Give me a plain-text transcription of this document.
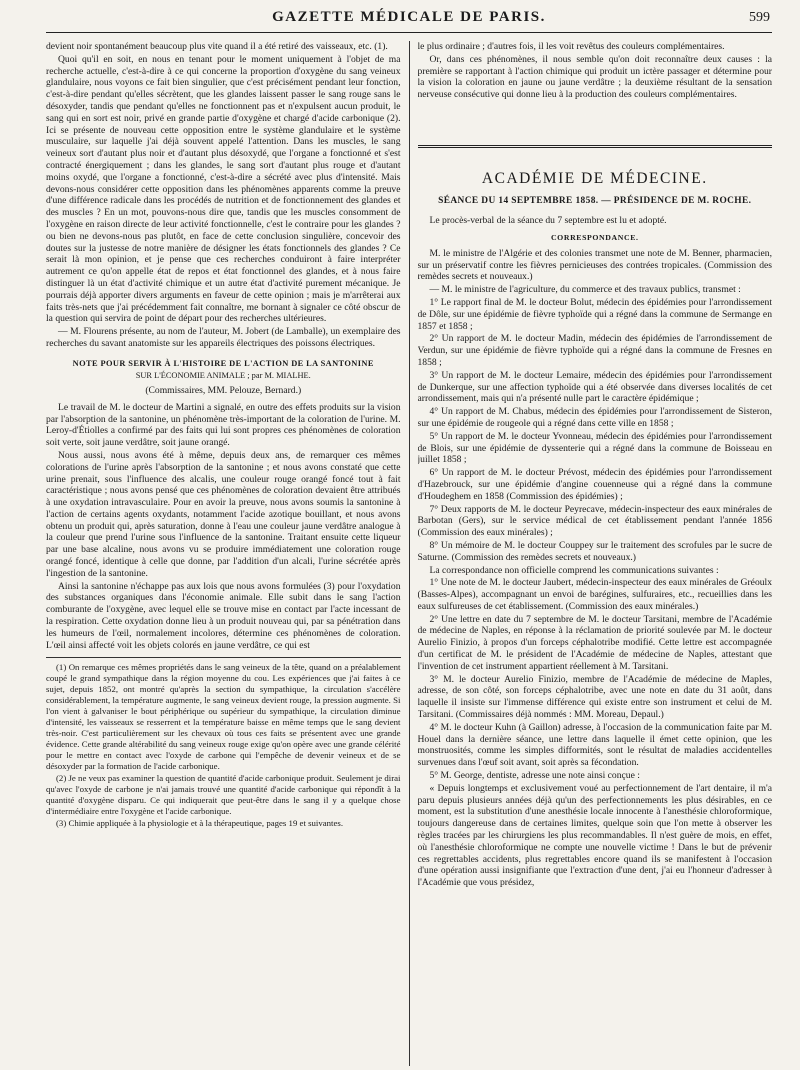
GAZETTE MÉDICALE DE PARIS.	599

devient noir spontanément beaucoup plus vite quand il a été retiré des vaisseaux, etc. (1).

Quoi qu'il en soit, en nous en tenant pour le moment uniquement à l'objet de ma recherche actuelle, c'est-à-dire à ce qui concerne la proportion d'oxygène du sang veineux glandulaire, nous voyons ce fait bien singulier, que c'est précisément pendant leur fonction, c'est-à-dire pendant qu'elles sécrètent, que les glandes laissent passer le sang rouge sans le désoxyder, tandis que pendant qu'elles ne fonctionnent pas et n'expulsent aucun produit, le sang qui en sort est noir, privé en grande partie d'oxygène et chargé d'acide carbonique (2). Ici se présente de nouveau cette opposition entre le système glandulaire et le système musculaire, sur laquelle j'ai déjà souvent appelé l'attention. Dans les muscles, le sang veineux sort d'autant plus noir et d'autant plus désoxydé, que l'organe a fonctionné et s'est contracté énergiquement ; dans les glandes, le sang sort d'autant plus rouge et d'autant moins oxydé, que l'organe a fonctionné, c'est-à-dire a sécrété avec plus d'intensité. Mais devons-nous considérer cette opposition dans les phénomènes apparents comme la preuve d'une différence radicale dans les procédés de nutrition et de fonctionnement des glandes et des muscles ? En un mot, pouvons-nous dire que, tandis que les muscles consomment de l'oxygène en raison directe de leur activité fonctionnelle, c'est le contraire pour les glandes ? ou bien ne devons-nous pas plutôt, en face de cette conclusion singulière, concevoir des doutes sur la justesse de notre manière de désigner les états fonctionnels des glandes ? Ce serait là mon opinion, et je pense que ces recherches conduiront à faire interpréter autrement ce qu'on appelle état de repos et état fonctionnel des glandes, et à nous faire distinguer là un état d'activité chimique et un autre état d'activité purement mécanique. Je pourrais déjà apporter divers arguments en faveur de cette opinion ; mais je m'arrêterai aux faits très-nets que j'ai précédemment fait connaître, me bornant à signaler ce côté obscur de la question qui servira de point de départ pour des recherches ultérieures.

— M. Flourens présente, au nom de l'auteur, M. Jobert (de Lamballe), un exemplaire des recherches du savant anatomiste sur les appareils électriques des poissons électriques.

NOTE POUR SERVIR À L'HISTOIRE DE L'ACTION DE LA SANTONINE
SUR L'ÉCONOMIE ANIMALE ; par M. MIALHE.
(Commissaires, MM. Pelouze, Bernard.)

Le travail de M. le docteur de Martini a signalé, en outre des effets produits sur la vision par l'absorption de la santonine, un phénomène très-important de la coloration de l'urine. M. Leroy-d'Étiolles a confirmé par des faits qui lui sont propres ces phénomènes de coloration soit verte, soit jaune verdâtre, soit jaune orangé.

Nous aussi, nous avons été à même, depuis deux ans, de remarquer ces mêmes colorations de l'urine après l'absorption de la santonine ; et nous avons constaté que cette urine prenait, sous l'influence des alcalis, une couleur rouge orangé foncé tout à fait caractéristique ; nous avons pensé que ces phénomènes de coloration devaient être attribués à une oxydation intravasculaire. Pour en avoir la preuve, nous avons soumis la santonine à l'action de certains agents oxydants, notamment l'acide azotique bouillant, et nous avons obtenu un produit qui, après saturation, donne à l'eau une couleur jaune verdâtre analogue à la couleur que prend l'urine sous l'influence de la santonine. Traitant ensuite cette liqueur par une base alcaline, nous avons vu se produire immédiatement une coloration rouge orangé foncé, identique à celle que donne, par l'addition d'un alcali, l'urine sécrétée après l'ingestion de la santonine.

Ainsi la santonine n'échappe pas aux lois que nous avons formulées (3) pour l'oxydation des substances organiques dans l'économie animale. Elle subit dans le sang l'action comburante de l'oxygène, avec lequel elle se trouve mise en contact par l'acte incessant de la respiration. Cette oxydation donne lieu à un produit nouveau qui, par sa pénétration dans les humeurs de l'œil, normalement incolores, détermine ces phénomènes de coloration. L'œil ainsi affecté voit les objets colorés en jaune verdâtre, ce qui est

(1) On remarque ces mêmes propriétés dans le sang veineux de la tête, quand on a préalablement coupé le grand sympathique dans la région moyenne du cou. Les expériences que j'ai faites à ce sujet, depuis 1852, ont montré qu'après la section du sympathique, la circulation s'accélère considérablement, la température augmente, le sang veineux devient rouge, la pression augmente. Si l'on vient à galvaniser le bout périphérique ou supérieur du sympathique, la circulation diminue d'intensité, les vaisseaux se resserrent et la température baisse en même temps que le sang devient très-noir. C'est particulièrement sur les chevaux où tous ces faits se présentent avec une grande évidence. Cette grande altérabilité du sang veineux rouge exige qu'on opère avec une grande célérité pour le mettre en contact avec l'oxyde de carbone qui l'empêche de devenir veineux et de se désoxyder par la formation de l'acide carbonique.

(2) Je ne veux pas examiner la question de quantité d'acide carbonique produit. Seulement je dirai qu'avec l'oxyde de carbone je n'ai jamais trouvé une quantité d'acide carbonique qui répondît à la quantité d'oxygène disparu. Ce qui indiquerait que peut-être dans le sang il y a quelque chose d'intermédiaire entre l'oxygène et l'acide carbonique.

(3) Chimie appliquée à la physiologie et à la thérapeutique, pages 19 et suivantes.

le plus ordinaire ; d'autres fois, il les voit revêtus des couleurs complémentaires.

Or, dans ces phénomènes, il nous semble qu'on doit reconnaître deux causes : la première se rapportant à l'action chimique qui produit un ictère passager et détermine pour la vision la coloration en jaune ou jaune verdâtre ; la deuxième résultant de la sensation nerveuse consécutive qui donne lieu à la production des couleurs complémentaires.

ACADÉMIE DE MÉDECINE.
SÉANCE DU 14 SEPTEMBRE 1858. — PRÉSIDENCE DE M. ROCHE.

Le procès-verbal de la séance du 7 septembre est lu et adopté.

CORRESPONDANCE.

M. le ministre de l'Algérie et des colonies transmet une note de M. Benner, pharmacien, sur un préservatif contre les fièvres pernicieuses des contrées tropicales. (Commission des remèdes secrets et nouveaux.)

— M. le ministre de l'agriculture, du commerce et des travaux publics, transmet :

1° Le rapport final de M. le docteur Bolut, médecin des épidémies pour l'arrondissement de Dôle, sur une épidémie de fièvre typhoïde qui a régné dans la commune de Sermange en 1857 et 1858 ;

2° Un rapport de M. le docteur Madin, médecin des épidémies de l'arrondissement de Verdun, sur une épidémie de fièvre typhoïde qui a régné dans la commune de Fresnes en 1858 ;

3° Un rapport de M. le docteur Lemaire, médecin des épidémies pour l'arrondissement de Dunkerque, sur une affection typhoïde qui a été observée dans diverses localités de cet arrondissement, mais qui n'a présenté nulle part le caractère épidémique ;

4° Un rapport de M. Chabus, médecin des épidémies pour l'arrondissement de Sisteron, sur une épidémie de rougeole qui a régné dans cette ville en 1858 ;

5° Un rapport de M. le docteur Yvonneau, médecin des épidémies pour l'arrondissement de Blois, sur une épidémie de dyssenterie qui a régné dans la commune de Boisseau en juillet 1858 ;

6° Un rapport de M. le docteur Prévost, médecin des épidémies pour l'arrondissement d'Hazebrouck, sur une épidémie d'angine couenneuse qui a régné dans la commune d'Houdeghem en 1858 (Commission des épidémies) ;

7° Deux rapports de M. le docteur Peyrecave, médecin-inspecteur des eaux minérales de Barbotan (Gers), sur le service médical de cet établissement pendant l'année 1856 (Commission des eaux minérales) ;

8° Un mémoire de M. le docteur Couppey sur le traitement des scrofules par le sucre de Saturne. (Commission des remèdes secrets et nouveaux.)

La correspondance non officielle comprend les communications suivantes :

1° Une note de M. le docteur Jaubert, médecin-inspecteur des eaux minérales de Gréoulx (Basses-Alpes), accompagnant un envoi de barégines, sulfuraires, etc., recueillies dans les eaux sulfureuses de cet établissement. (Commission des eaux minérales.)

2° Une lettre en date du 7 septembre de M. le docteur Tarsitani, membre de l'Académie de médecine de Naples, en réponse à la réclamation de priorité soulevée par M. le docteur Aurelio Finizio, à propos d'un forceps céphalotribe modifié. Cette lettre est accompagnée d'un certificat de M. le président de l'Académie de médecine de Naples, attestant que l'invention de cet instrument appartient réellement à M. Tarsitani.

3° M. le docteur Aurelio Finizio, membre de l'Académie de médecine de Maples, adresse, de son côté, son forceps céphalotribe, avec une note en date du 31 août, dans laquelle il insiste sur l'immense différence qui existe entre son instrument et celui de M. Tarsitani. (Commissaires déjà nommés : MM. Moreau, Depaul.)

4° M. le docteur Kuhn (à Gaillon) adresse, à l'occasion de la communication faite par M. Houel dans la dernière séance, une lettre dans laquelle il émet cette opinion, que les monstruosités, comme les simples difformités, sont le résultat de maladies accidentelles survenues dans l'œuf soit avant, soit après sa fécondation.

5° M. George, dentiste, adresse une note ainsi conçue :

« Depuis longtemps et exclusivement voué au perfectionnement de l'art dentaire, il m'a paru depuis plusieurs années déjà qu'un des perfectionnements les plus désirables, en ce moment, est la substitution d'une anesthésie locale innocente à l'anesthésie chloroformique, toujours dangereuse dans de certaines limites, quelque soin que l'on mette à observer les règles tracées par les chirurgiens les plus recommandables. Il n'est guère de mois, en effet, où l'anesthésie chloroformique ne compte une nouvelle victime ! Dans le but de prévenir ces regrettables accidents, plus regrettables encore quand ils se manifestent à l'occasion d'une opération aussi insignifiante que l'extraction d'une dent, j'ai eu l'honneur d'adresser à l'Académie que vous présidez,
